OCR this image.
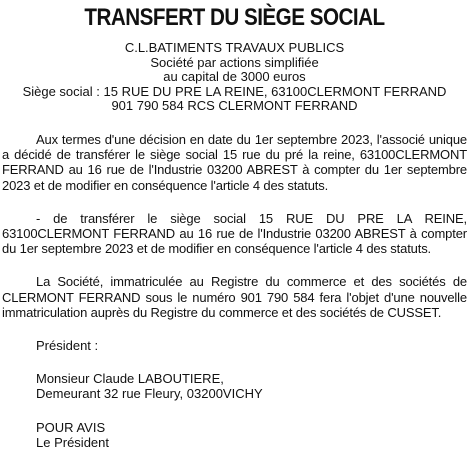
TRANSFERT DU SIÈGE SOCIAL
C.L.BATIMENTS TRAVAUX PUBLICS
Société par actions simplifiée
au capital de 3000 euros
Siège social : 15 RUE DU PRE LA REINE, 63100CLERMONT FERRAND
901 790 584 RCS CLERMONT FERRAND

Aux termes d'une décision en date du 1er septembre 2023, l'associé unique a décidé de transférer le siège social 15 rue du pré la reine, 63100CLERMONT FERRAND au 16 rue de l'Industrie 03200 ABREST à compter du 1er septembre 2023 et de modifier en conséquence l'article 4 des statuts.

- de transférer le siège social 15 RUE DU PRE LA REINE, 63100CLERMONT FERRAND au 16 rue de l'Industrie 03200 ABREST à compter du 1er septembre 2023 et de modifier en conséquence l'article 4 des statuts.

La Société, immatriculée au Registre du commerce et des sociétés de CLERMONT FERRAND sous le numéro 901 790 584 fera l'objet d'une nouvelle immatriculation auprès du Registre du commerce et des sociétés de CUSSET.

Président :
Monsieur Claude LABOUTIERE,
Demeurant 32 rue Fleury, 03200VICHY
POUR AVIS
Le Président
